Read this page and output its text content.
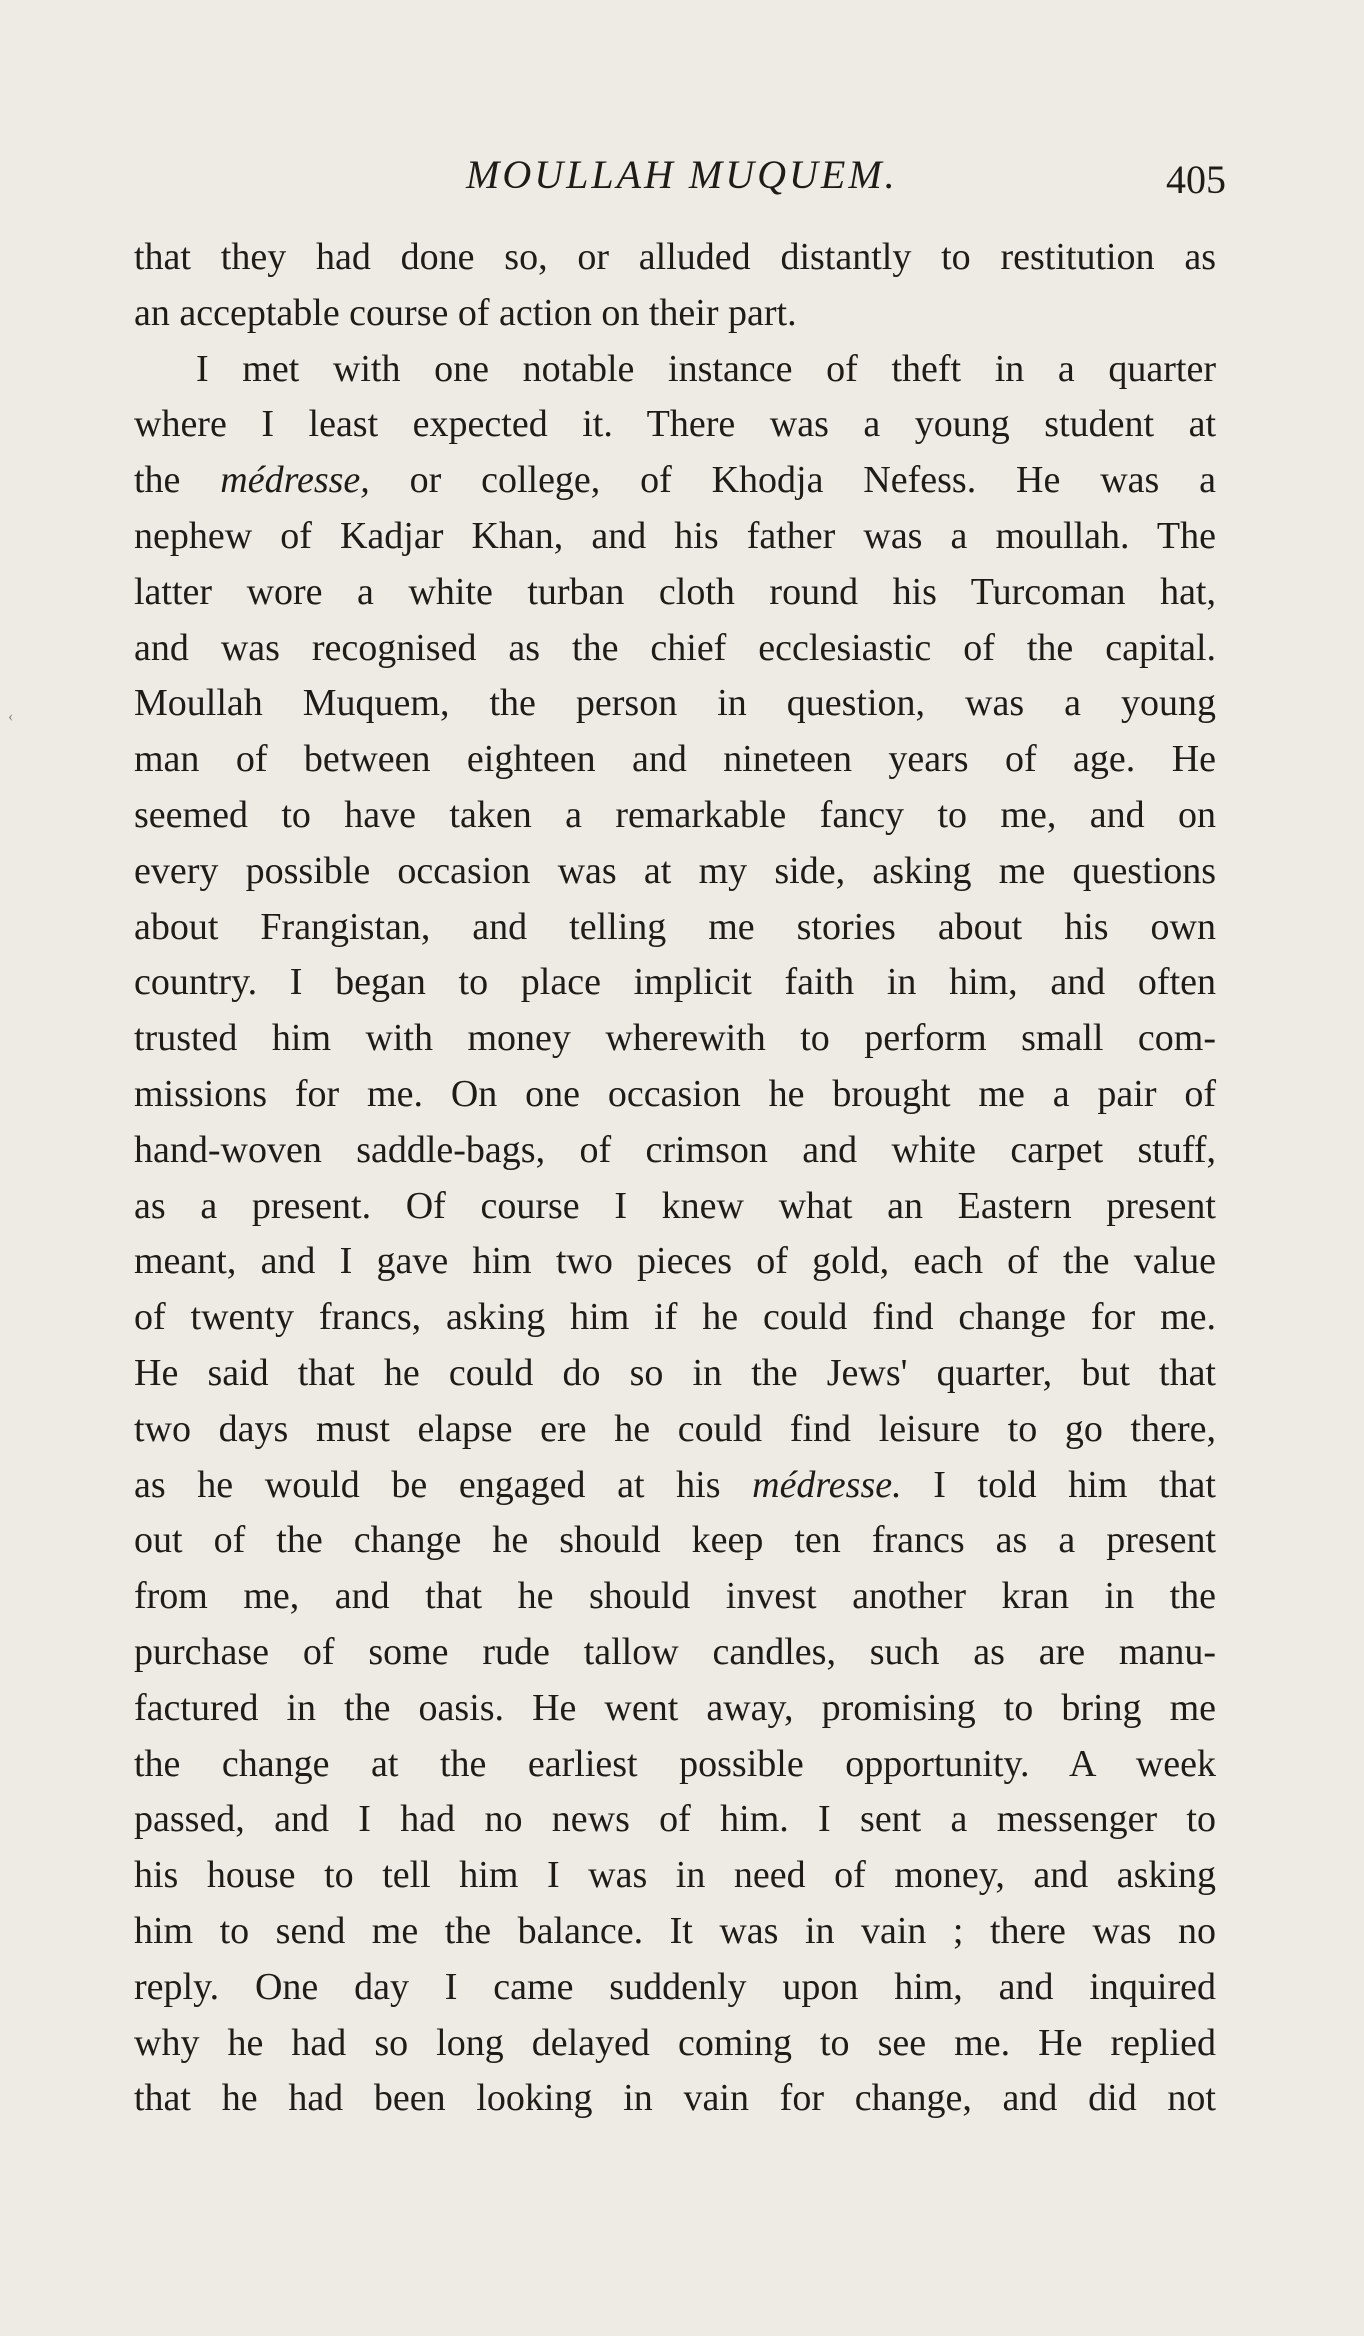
MOULLAH MUQUEM.	405
that they had done so, or alluded distantly to restitution as
an acceptable course of action on their part.
I met with one notable instance of theft in a quarter
where I least expected it. There was a young student at
the médresse, or college, of Khodja Nefess. He was a
nephew of Kadjar Khan, and his father was a moullah. The
latter wore a white turban cloth round his Turcoman hat,
and was recognised as the chief ecclesiastic of the capital.
Moullah Muquem, the person in question, was a young
man of between eighteen and nineteen years of age. He
seemed to have taken a remarkable fancy to me, and on
every possible occasion was at my side, asking me questions
about Frangistan, and telling me stories about his own
country. I began to place implicit faith in him, and often
trusted him with money wherewith to perform small com-
missions for me. On one occasion he brought me a pair of
hand-woven saddle-bags, of crimson and white carpet stuff,
as a present. Of course I knew what an Eastern present
meant, and I gave him two pieces of gold, each of the value
of twenty francs, asking him if he could find change for me.
He said that he could do so in the Jews' quarter, but that
two days must elapse ere he could find leisure to go there,
as he would be engaged at his médresse. I told him that
out of the change he should keep ten francs as a present
from me, and that he should invest another kran in the
purchase of some rude tallow candles, such as are manu-
factured in the oasis. He went away, promising to bring me
the change at the earliest possible opportunity. A week
passed, and I had no news of him. I sent a messenger to
his house to tell him I was in need of money, and asking
him to send me the balance. It was in vain ; there was no
reply. One day I came suddenly upon him, and inquired
why he had so long delayed coming to see me. He replied
that he had been looking in vain for change, and did not
‹
